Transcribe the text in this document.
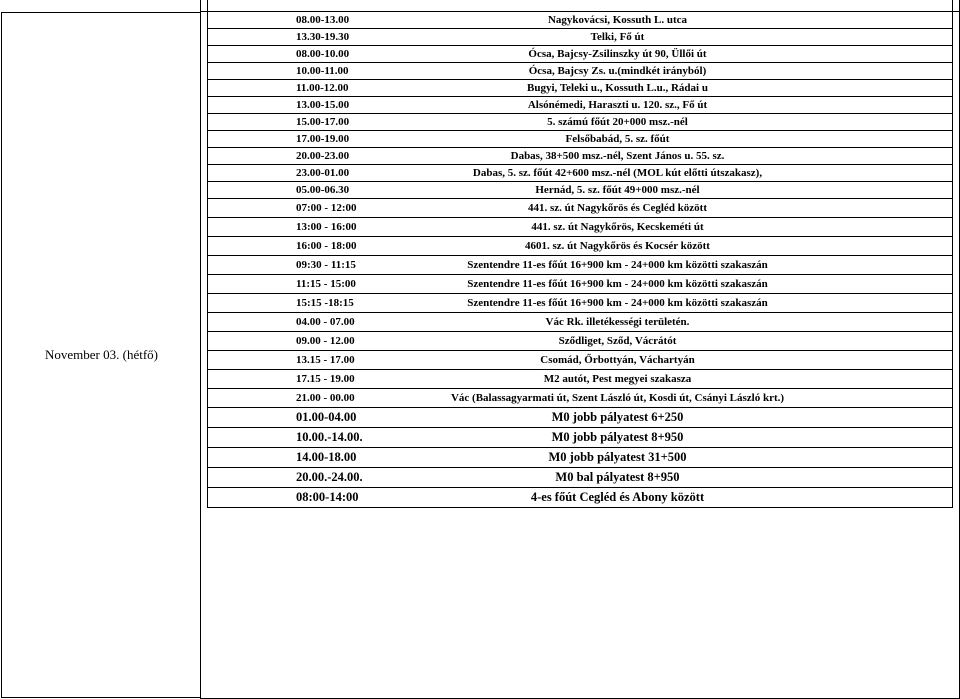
November 03. (hétfő)
08.00-13.00	Nagykovácsi, Kossuth L. utca
13.30-19.30	Telki, Fő út
08.00-10.00	Ócsa, Bajcsy-Zsilinszky út 90, Üllői út
10.00-11.00	Ócsa, Bajcsy Zs. u.(mindkét irányból)
11.00-12.00	Bugyi, Teleki u., Kossuth L.u., Rádai u
13.00-15.00	Alsónémedi, Haraszti u. 120. sz., Fő út
15.00-17.00	5. számú főút 20+000 msz.-nél
17.00-19.00	Felsőbabád, 5. sz. főút
20.00-23.00	Dabas, 38+500 msz.-nél, Szent János u. 55. sz.
23.00-01.00	Dabas, 5. sz. főút 42+600 msz.-nél (MOL kút előtti útszakasz),
05.00-06.30	Hernád, 5. sz. főút 49+000 msz.-nél
07:00 - 12:00	441. sz. út Nagykőrös és Cegléd között
13:00 - 16:00	441. sz. út Nagykőrös, Kecskeméti út
16:00 - 18:00	4601. sz. út Nagykőrös és Kocsér között
09:30 - 11:15	Szentendre 11-es főút 16+900 km - 24+000 km közötti szakaszán
11:15 - 15:00	Szentendre 11-es főút 16+900 km - 24+000 km közötti szakaszán
15:15 -18:15	Szentendre 11-es főút 16+900 km - 24+000 km közötti szakaszán
04.00 - 07.00	Vác Rk. illetékességi területén.
09.00 - 12.00	Sződliget, Sződ, Vácrátót
13.15 - 17.00	Csomád, Őrbottyán, Váchartyán
17.15 - 19.00	M2 autót, Pest megyei szakasza
21.00 - 00.00	Vác (Balassagyarmati út, Szent László út, Kosdi út, Csányi László krt.)
01.00-04.00	M0 jobb pályatest 6+250
10.00.-14.00.	M0 jobb pályatest 8+950
14.00-18.00	M0 jobb pályatest 31+500
20.00.-24.00.	M0 bal pályatest 8+950
08:00-14:00	4-es főút Cegléd és Abony között
